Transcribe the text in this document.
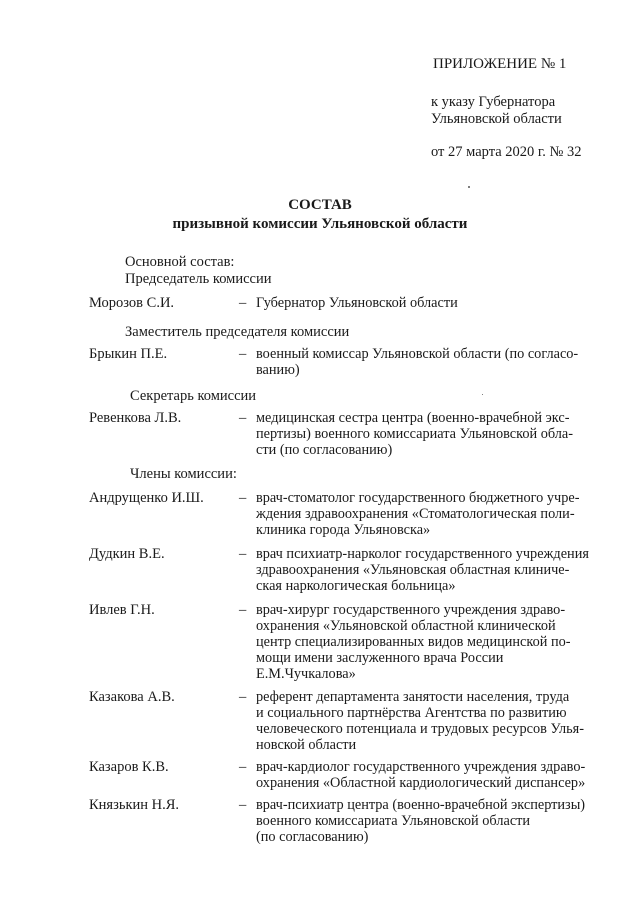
ПРИЛОЖЕНИЕ № 1
к указу Губернатора
Ульяновской области
от 27 марта 2020 г. № 32
СОСТАВ
призывной комиссии Ульяновской области
Основной состав:
Председатель комиссии
Заместитель председателя комиссии
Секретарь комиссии
Члены комиссии:
Морозов С.И.	– Губернатор Ульяновской области

Брыкин П.Е.	– военный комиссар Ульяновской области (по согласо-

ванию)

Ревенкова Л.В.	– медицинская сестра центра (военно-врачебной экс-

пертизы) военного комиссариата Ульяновской обла-

сти (по согласованию)

Андрущенко И.Ш. – врач-стоматолог государственного бюджетного учре-

ждения здравоохранения «Стоматологическая поли-

клиника города Ульяновска»

Дудкин В.Е.	– врач психиатр-нарколог государственного учреждения

здравоохранения «Ульяновская областная клиниче-

ская наркологическая больница»

Ивлев Г.Н.	– врач-хирург государственного учреждения здраво-

охранения «Ульяновской областной клинической

центр специализированных видов медицинской по-

мощи имени заслуженного врача России

Е.М.Чучкалова»

Казакова А.В.	– референт департамента занятости населения, труда

и социального партнёрства Агентства по развитию

человеческого потенциала и трудовых ресурсов Улья-

новской области

Казаров К.В.	– врач-кардиолог государственного учреждения здраво-

охранения «Областной кардиологический диспансер»

Князькин Н.Я.	– врач-психиатр центра (военно-врачебной экспертизы)

военного комиссариата Ульяновской области

(по согласованию)
